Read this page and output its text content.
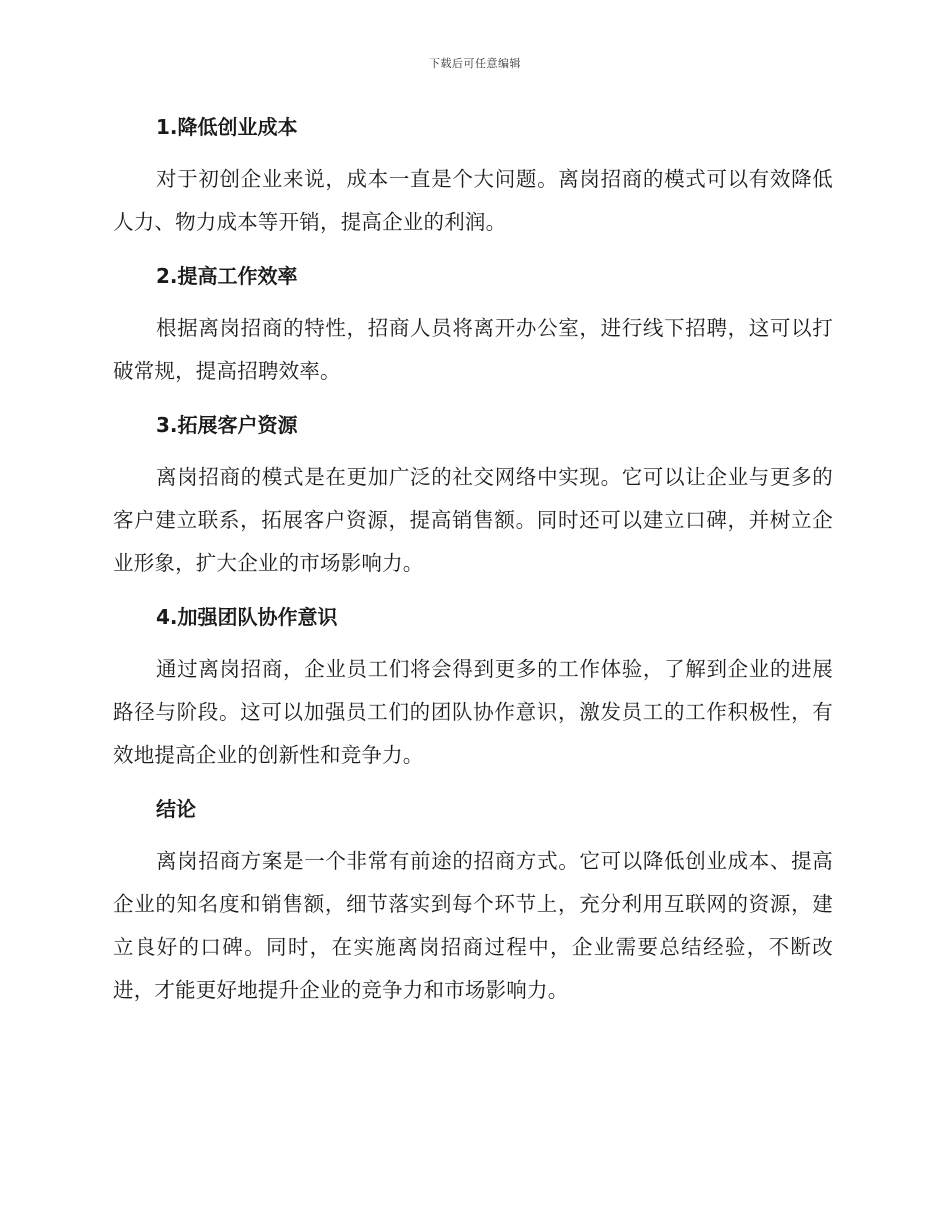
下载后可任意编辑
1.降低创业成本

对于初创企业来说，成本一直是个大问题。离岗招商的模式可以有效降低人力、物力成本等开销，提高企业的利润。

2.提高工作效率

根据离岗招商的特性，招商人员将离开办公室，进行线下招聘，这可以打破常规，提高招聘效率。

3.拓展客户资源

离岗招商的模式是在更加广泛的社交网络中实现。它可以让企业与更多的客户建立联系，拓展客户资源，提高销售额。同时还可以建立口碑，并树立企业形象，扩大企业的市场影响力。

4.加强团队协作意识

通过离岗招商，企业员工们将会得到更多的工作体验，了解到企业的进展路径与阶段。这可以加强员工们的团队协作意识，激发员工的工作积极性，有效地提高企业的创新性和竞争力。

结论

离岗招商方案是一个非常有前途的招商方式。它可以降低创业成本、提高企业的知名度和销售额，细节落实到每个环节上，充分利用互联网的资源，建立良好的口碑。同时，在实施离岗招商过程中，企业需要总结经验，不断改进，才能更好地提升企业的竞争力和市场影响力。
